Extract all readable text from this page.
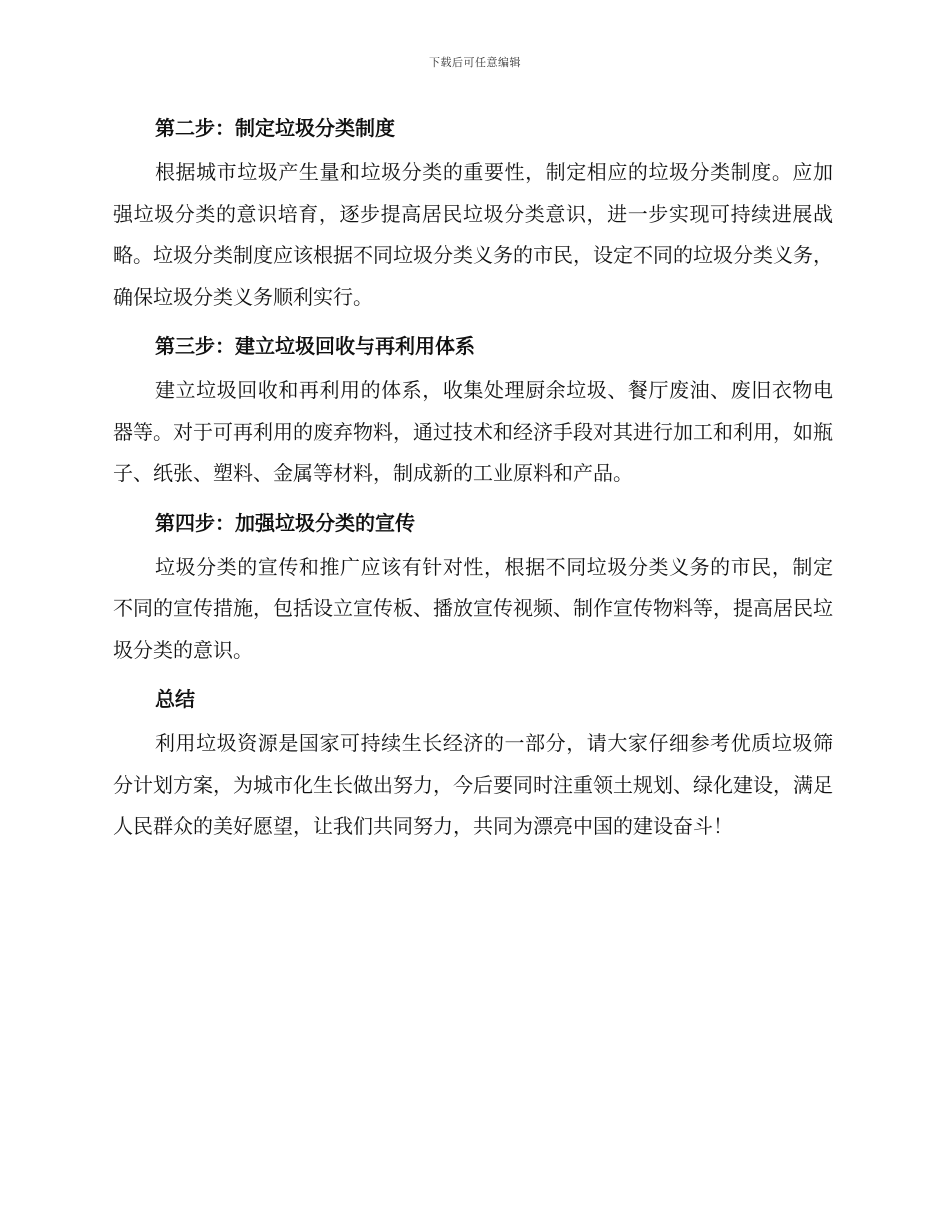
下载后可任意编辑
第二步：制定垃圾分类制度

根据城市垃圾产生量和垃圾分类的重要性，制定相应的垃圾分类制度。应加强垃圾分类的意识培育，逐步提高居民垃圾分类意识，进一步实现可持续进展战略。垃圾分类制度应该根据不同垃圾分类义务的市民，设定不同的垃圾分类义务，确保垃圾分类义务顺利实行。

第三步：建立垃圾回收与再利用体系

建立垃圾回收和再利用的体系，收集处理厨余垃圾、餐厅废油、废旧衣物电器等。对于可再利用的废弃物料，通过技术和经济手段对其进行加工和利用，如瓶子、纸张、塑料、金属等材料，制成新的工业原料和产品。

第四步：加强垃圾分类的宣传

垃圾分类的宣传和推广应该有针对性，根据不同垃圾分类义务的市民，制定不同的宣传措施，包括设立宣传板、播放宣传视频、制作宣传物料等，提高居民垃圾分类的意识。

总结

利用垃圾资源是国家可持续生长经济的一部分，请大家仔细参考优质垃圾筛分计划方案，为城市化生长做出努力，今后要同时注重领土规划、绿化建设，满足人民群众的美好愿望，让我们共同努力，共同为漂亮中国的建设奋斗！
